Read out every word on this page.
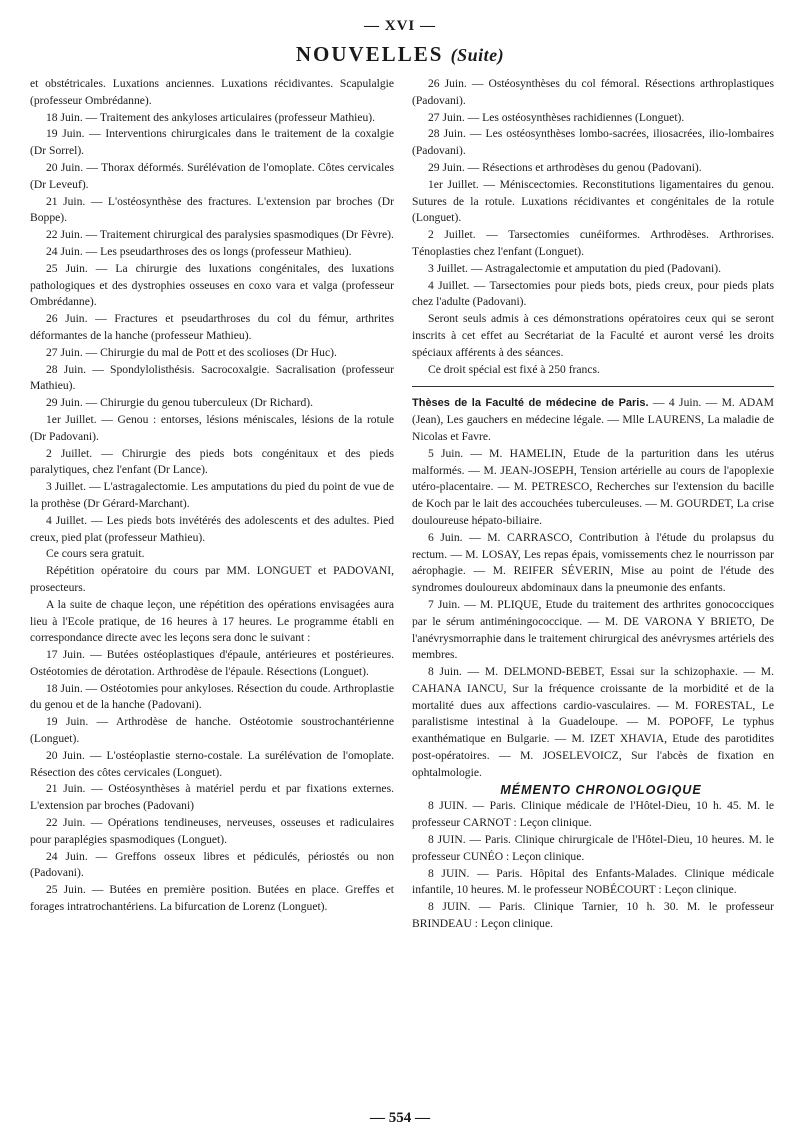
— XVI —
NOUVELLES (Suite)

et obstétricales. Luxations anciennes. Luxations récidivantes. Scapulalgie (professeur Ombrédanne).

18 Juin. — Traitement des ankyloses articulaires (professeur Mathieu).

19 Juin. — Interventions chirurgicales dans le traitement de la coxalgie (Dr Sorrel).

20 Juin. — Thorax déformés. Surélévation de l'omoplate. Côtes cervicales (Dr Leveuf).

21 Juin. — L'ostéosynthèse des fractures. L'extension par broches (Dr Boppe).

22 Juin. — Traitement chirurgical des paralysies spasmodiques (Dr Fèvre).

24 Juin. — Les pseudarthroses des os longs (professeur Mathieu).

25 Juin. — La chirurgie des luxations congénitales, des luxations pathologiques et des dystrophies osseuses en coxo vara et valga (professeur Ombrédanne).

26 Juin. — Fractures et pseudarthroses du col du fémur, arthrites déformantes de la hanche (professeur Mathieu).

27 Juin. — Chirurgie du mal de Pott et des scolioses (Dr Huc).

28 Juin. — Spondylolisthésis. Sacrocoxalgie. Sacralisation (professeur Mathieu).

29 Juin. — Chirurgie du genou tuberculeux (Dr Richard).

1er Juillet. — Genou : entorses, lésions méniscales, lésions de la rotule (Dr Padovani).

2 Juillet. — Chirurgie des pieds bots congénitaux et des pieds paralytiques, chez l'enfant (Dr Lance).

3 Juillet. — L'astragalectomie. Les amputations du pied du point de vue de la prothèse (Dr Gérard-Marchant).

4 Juillet. — Les pieds bots invétérés des adolescents et des adultes. Pied creux, pied plat (professeur Mathieu).

Ce cours sera gratuit.

Répétition opératoire du cours par MM. LONGUET et PADOVANI, prosecteurs.

A la suite de chaque leçon, une répétition des opérations envisagées aura lieu à l'Ecole pratique, de 16 heures à 17 heures. Le programme établi en correspondance directe avec les leçons sera donc le suivant :

17 Juin. — Butées ostéoplastiques d'épaule, antérieures et postérieures. Ostéotomies de dérotation. Arthrodèse de l'épaule. Résections (Longuet).

18 Juin. — Ostéotomies pour ankyloses. Résection du coude. Arthroplastie du genou et de la hanche (Padovani).

19 Juin. — Arthrodèse de hanche. Ostéotomie soustrochantérienne (Longuet).

20 Juin. — L'ostéoplastie sterno-costale. La surélévation de l'omoplate. Résection des côtes cervicales (Longuet).

21 Juin. — Ostéosynthèses à matériel perdu et par fixations externes. L'extension par broches (Padovani)

22 Juin. — Opérations tendineuses, nerveuses, osseuses et radiculaires pour paraplégies spasmodiques (Longuet).

24 Juin. — Greffons osseux libres et pédiculés, périostés ou non (Padovani).

25 Juin. — Butées en première position. Butées en place. Greffes et forages intratrochantériens. La bifurcation de Lorenz (Longuet).

26 Juin. — Ostéosynthèses du col fémoral. Résections arthroplastiques (Padovani).

27 Juin. — Les ostéosynthèses rachidiennes (Longuet).

28 Juin. — Les ostéosynthèses lombo-sacrées, iliosacrées, ilio-lombaires (Padovani).

29 Juin. — Résections et arthrodèses du genou (Padovani).

1er Juillet. — Méniscectomies. Reconstitutions ligamentaires du genou. Sutures de la rotule. Luxations récidivantes et congénitales de la rotule (Longuet).

2 Juillet. — Tarsectomies cunéiformes. Arthrodèses. Arthrorises. Ténoplasties chez l'enfant (Longuet).

3 Juillet. — Astragalectomie et amputation du pied (Padovani).

4 Juillet. — Tarsectomies pour pieds bots, pieds creux, pour pieds plats chez l'adulte (Padovani).

Seront seuls admis à ces démonstrations opératoires ceux qui se seront inscrits à cet effet au Secrétariat de la Faculté et auront versé les droits spéciaux afférents à des séances.

Ce droit spécial est fixé à 250 francs.

Thèses de la Faculté de médecine de Paris. — 4 Juin. — M. ADAM (Jean), Les gauchers en médecine légale. — Mlle LAURENS, La maladie de Nicolas et Favre.

5 Juin. — M. HAMELIN, Etude de la parturition dans les utérus malformés. — M. JEAN-JOSEPH, Tension artérielle au cours de l'apoplexie utéro-placentaire. — M. PETRESCO, Recherches sur l'extension du bacille de Koch par le lait des accouchées tuberculeuses. — M. GOURDET, La crise douloureuse hépato-biliaire.

6 Juin. — M. CARRASCO, Contribution à l'étude du prolapsus du rectum. — M. LOSAY, Les repas épais, vomissements chez le nourrisson par aérophagie. — M. REIFER SÉVERIN, Mise au point de l'étude des syndromes douloureux abdominaux dans la pneumonie des enfants.

7 Juin. — M. PLIQUE, Etude du traitement des arthrites gonococciques par le sérum antiméningococcique. — M. DE VARONA Y BRIETO, De l'anévrysmorraphie dans le traitement chirurgical des anévrysmes artériels des membres.

8 Juin. — M. DELMOND-BEBET, Essai sur la schizophaxie. — M. CAHANA IANCU, Sur la fréquence croissante de la morbidité et de la mortalité dues aux affections cardio-vasculaires. — M. FORESTAL, Le paralistisme intestinal à la Guadeloupe. — M. POPOFF, Le typhus exanthématique en Bulgarie. — M. IZET XHAVIA, Etude des parotidites post-opératoires. — M. JOSELEVOICZ, Sur l'abcès de fixation en ophtalmologie.

MÉMENTO CHRONOLOGIQUE

8 JUIN. — Paris. Clinique médicale de l'Hôtel-Dieu, 10 h. 45. M. le professeur CARNOT : Leçon clinique.

8 JUIN. — Paris. Clinique chirurgicale de l'Hôtel-Dieu, 10 heures. M. le professeur CUNÉO : Leçon clinique.

8 JUIN. — Paris. Hôpital des Enfants-Malades. Clinique médicale infantile, 10 heures. M. le professeur NOBÉCOURT : Leçon clinique.

8 JUIN. — Paris. Clinique Tarnier, 10 h. 30. M. le professeur BRINDEAU : Leçon clinique.

— 554 —
